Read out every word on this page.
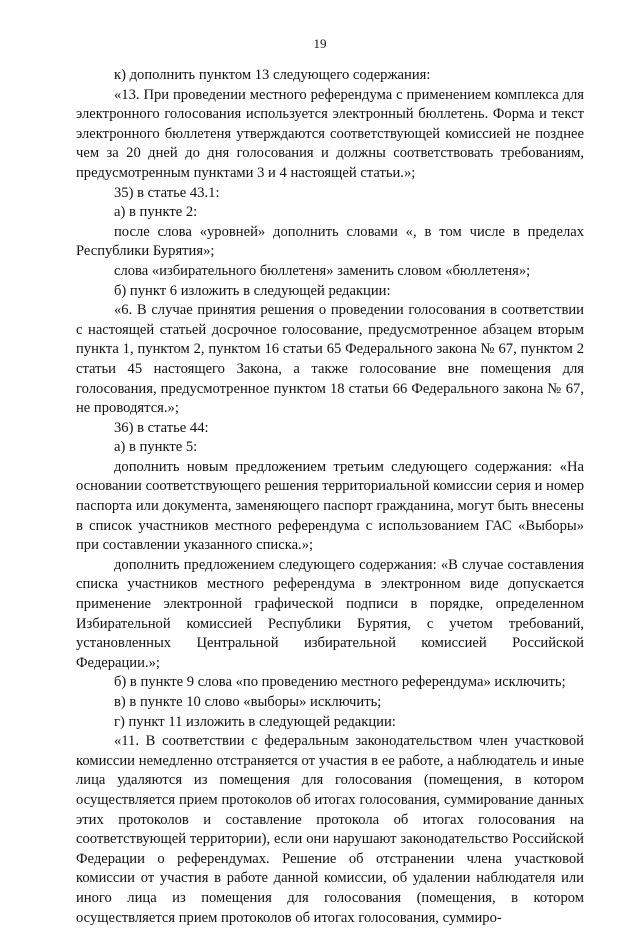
19

к) дополнить пунктом 13 следующего содержания:

«13. При проведении местного референдума с применением комплекса для электронного голосования используется электронный бюллетень. Форма и текст электронного бюллетеня утверждаются соответствующей комиссией не позднее чем за 20 дней до дня голосования и должны соответствовать требованиям, предусмотренным пунктами 3 и 4 настоящей статьи.»;

35) в статье 43.1:

а) в пункте 2:

после слова «уровней» дополнить словами «, в том числе в пределах Республики Бурятия»;

слова «избирательного бюллетеня» заменить словом «бюллетеня»;

б) пункт 6 изложить в следующей редакции:

«6. В случае принятия решения о проведении голосования в соответствии с настоящей статьей досрочное голосование, предусмотренное абзацем вторым пункта 1, пунктом 2, пунктом 16 статьи 65 Федерального закона № 67, пунктом 2 статьи 45 настоящего Закона, а также голосование вне помещения для голосования, предусмотренное пунктом 18 статьи 66 Федерального закона № 67, не проводятся.»;

36) в статье 44:

а) в пункте 5:

дополнить новым предложением третьим следующего содержания: «На основании соответствующего решения территориальной комиссии серия и номер паспорта или документа, заменяющего паспорт гражданина, могут быть внесены в список участников местного референдума с использованием ГАС «Выборы» при составлении указанного списка.»;

дополнить предложением следующего содержания: «В случае составления списка участников местного референдума в электронном виде допускается применение электронной графической подписи в порядке, определенном Избирательной комиссией Республики Бурятия, с учетом требований, установленных Центральной избирательной комиссией Российской Федерации.»;

б) в пункте 9 слова «по проведению местного референдума» исключить;

в) в пункте 10 слово «выборы» исключить;

г) пункт 11 изложить в следующей редакции:

«11. В соответствии с федеральным законодательством член участковой комиссии немедленно отстраняется от участия в ее работе, а наблюдатель и иные лица удаляются из помещения для голосования (помещения, в котором осуществляется прием протоколов об итогах голосования, суммирование данных этих протоколов и составление протокола об итогах голосования на соответствующей территории), если они нарушают законодательство Российской Федерации о референдумах. Решение об отстранении члена участковой комиссии от участия в работе данной комиссии, об удалении наблюдателя или иного лица из помещения для голосования (помещения, в котором осуществляется прием протоколов об итогах голосования, суммиро-
